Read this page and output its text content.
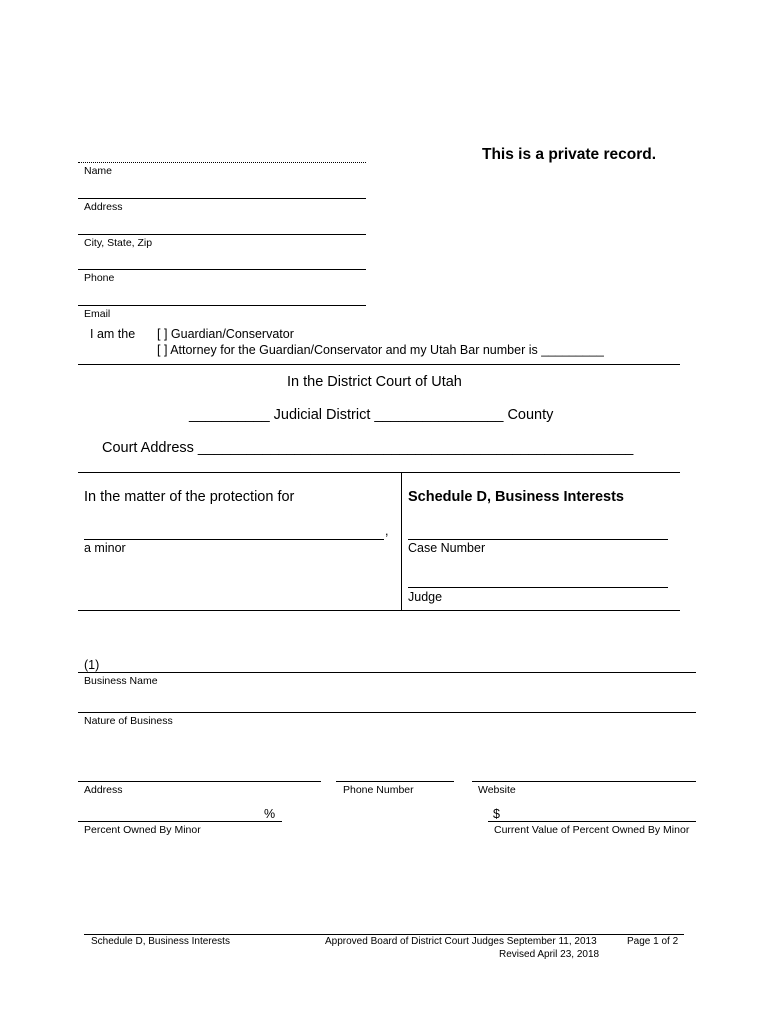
This is a private record.
Name
Address
City, State, Zip
Phone
Email
I am the [ ] Guardian/Conservator
[ ] Attorney for the Guardian/Conservator and my Utah Bar number is _________
In the District Court of Utah
__________ Judicial District ________________ County
Court Address ______________________________________________________
In the matter of the protection for
,
a minor
Schedule D, Business Interests
Case Number
Judge
(1)
Business Name
Nature of Business
Address	Phone Number	Website
%
Percent Owned By Minor
$
Current Value of Percent Owned By Minor
Schedule D, Business Interests	Approved Board of District Court Judges September 11, 2013
Revised April 23, 2018
Page 1 of 2
